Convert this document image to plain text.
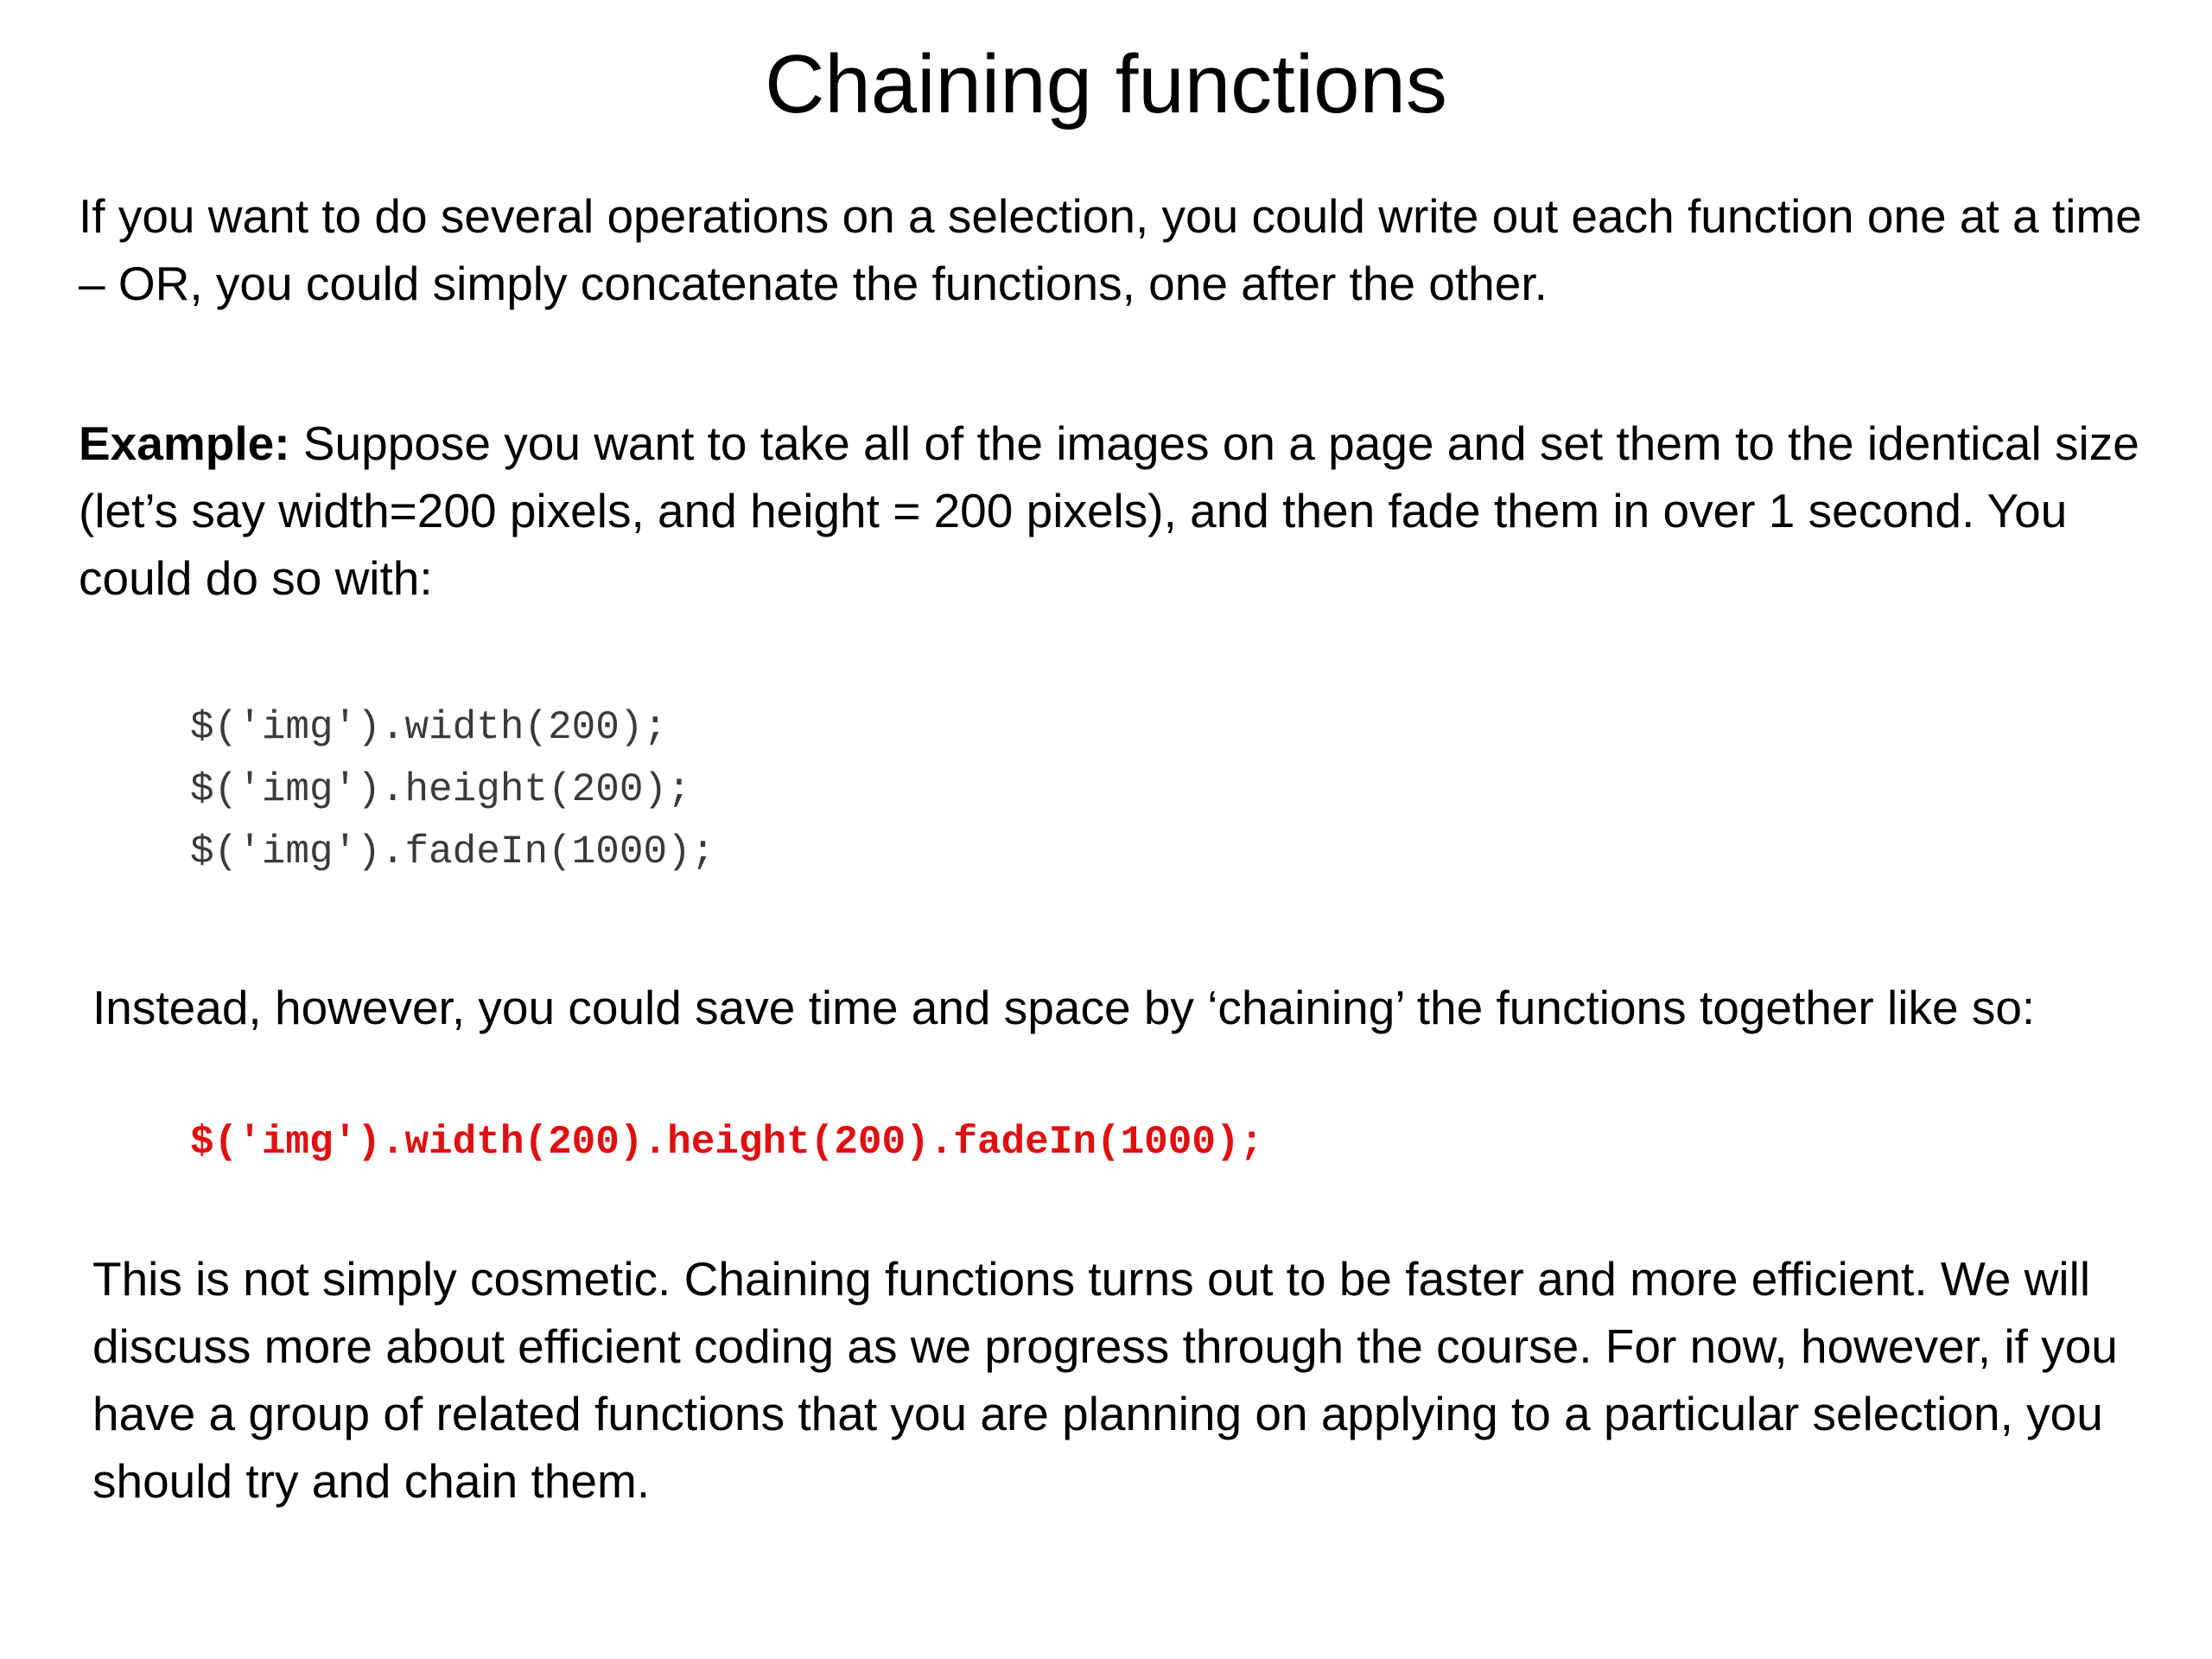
Chaining functions

If you want to do several operations on a selection, you could write out each function one at a time – OR, you could simply concatenate the functions, one after the other.

Example: Suppose you want to take all of the images on a page and set them to the identical size (let’s say width=200 pixels, and height = 200 pixels), and then fade them in over 1 second. You could do so with:

$('img').width(200);
$('img').height(200);
$('img').fadeIn(1000);

Instead, however, you could save time and space by ‘chaining’ the functions together like so:

$('img').width(200).height(200).fadeIn(1000);

This is not simply cosmetic. Chaining functions turns out to be faster and more efficient. We will discuss more about efficient coding as we progress through the course. For now, however, if you have a group of related functions that you are planning on applying to a particular selection, you should try and chain them.
